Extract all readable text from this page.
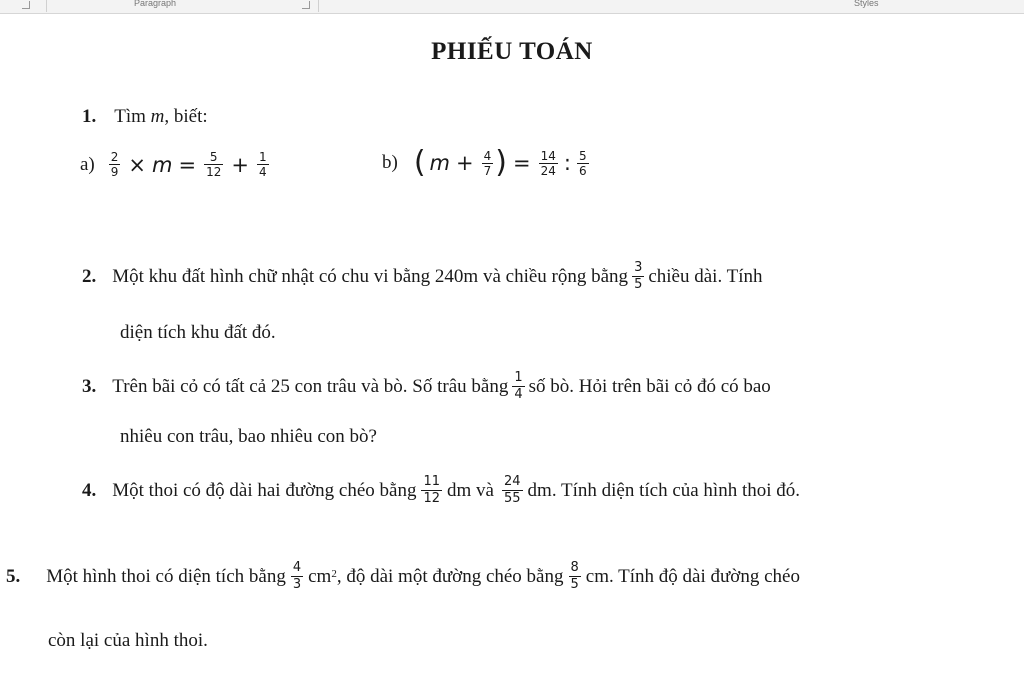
Paragraph	Styles
PHIẾU TOÁN
1. Tìm m, biết:
$a) \frac{2}{9} \times m = \frac{5}{12} + \frac{1}{4}$	b) ( $m + \frac{4}{7}$ ) = $\frac{14}{24}$ : $\frac{5}{6}$
2. Một khu đất hình chữ nhật có chu vi bằng 240m và chiều rộng bằng $\frac{3}{5}$ chiều dài. Tính
diện tích khu đất đó.
3. Trên bãi cỏ có tất cả 25 con trâu và bò. Số trâu bằng $\frac{1}{4}$ số bò. Hỏi trên bãi cỏ đó có bao
nhiêu con trâu, bao nhiêu con bò?
4. Một thoi có độ dài hai đường chéo bằng $\frac{11}{12}$ dm và $\frac{24}{55}$ dm. Tính diện tích của hình thoi đó.
5. Một hình thoi có diện tích bằng $\frac{4}{3}$ cm 2 , độ dài một đường chéo bằng $\frac{8}{5}$ cm. Tính độ dài đường chéo
còn lại của hình thoi.
